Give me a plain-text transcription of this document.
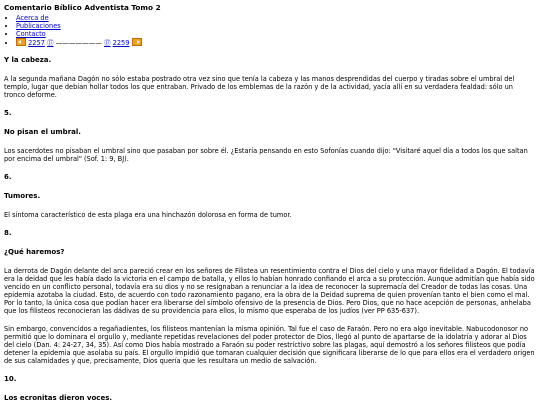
Comentario Bíblico Adventista Tomo 2
• Acerca de
• Publicaciones
• Contacto
•  2257 ⑰ ——————— ⑰ 2259
Y la cabeza.

A la segunda mañana Dagón no sólo estaba postrado otra vez sino que tenía la cabeza y las manos desprendidas del cuerpo y tiradas sobre el umbral del templo, lugar que debían hollar todos los que entraban. Privado de los emblemas de la razón y de la actividad, yacía allí en su verdadera fealdad: sólo un tronco deforme.

5.
No pisan el umbral.

Los sacerdotes no pisaban el umbral sino que pasaban por sobre él. ¿Estaría pensando en esto Sofonías cuando dijo: "Visitaré aquel día a todos los que saltan por encima del umbral" (Sof. 1: 9, BJ).

6.
Tumores.

El síntoma característico de esta plaga era una hinchazón dolorosa en forma de tumor.

8.
¿Qué haremos?

La derrota de Dagón delante del arca pareció crear en los señores de Filistea un resentimiento contra el Dios del cielo y una mayor fidelidad a Dagón. El todavía era la deidad que les había dado la victoria en el campo de batalla, y ellos lo habían honrado confiando el arca a su protección. Aunque admitían que había sido vencido en un conflicto personal, todavía era su dios y no se resignaban a renunciar a la idea de reconocer la supremacía del Creador de todas las cosas. Una epidemia azotaba la ciudad. Esto, de acuerdo con todo razonamiento pagano, era la obra de la Deidad suprema de quien provenían tanto el bien como el mal. Por lo tanto, la única cosa que podían hacer era liberarse del símbolo ofensivo de la presencia de Dios. Pero Dios, que no hace acepción de personas, anhelaba que los filisteos reconocieran las dádivas de su providencia para ellos, lo mismo que esperaba de los judíos (ver PP 635-637).

Sin embargo, convencidos a regañadientes, los filisteos mantenían la misma opinión. Tal fue el caso de Faraón. Pero no era algo inevitable. Nabucodonosor no permitió que lo dominara el orgullo y, mediante repetidas revelaciones del poder protector de Dios, llegó al punto de apartarse de la idolatría y adorar al Dios del cielo (Dan. 4: 24-27, 34, 35). Así como Dios había mostrado a Faraón su poder restrictivo sobre las plagas, aquí demostró a los señores filisteos que podía detener la epidemia que asolaba su país. El orgullo impidió que tomaran cualquier decisión que significara liberarse de lo que para ellos era el verdadero origen de sus calamidades y que, precisamente, Dios quería que les resultara un medio de salvación.

10.
Los ecronitas dieron voces.
